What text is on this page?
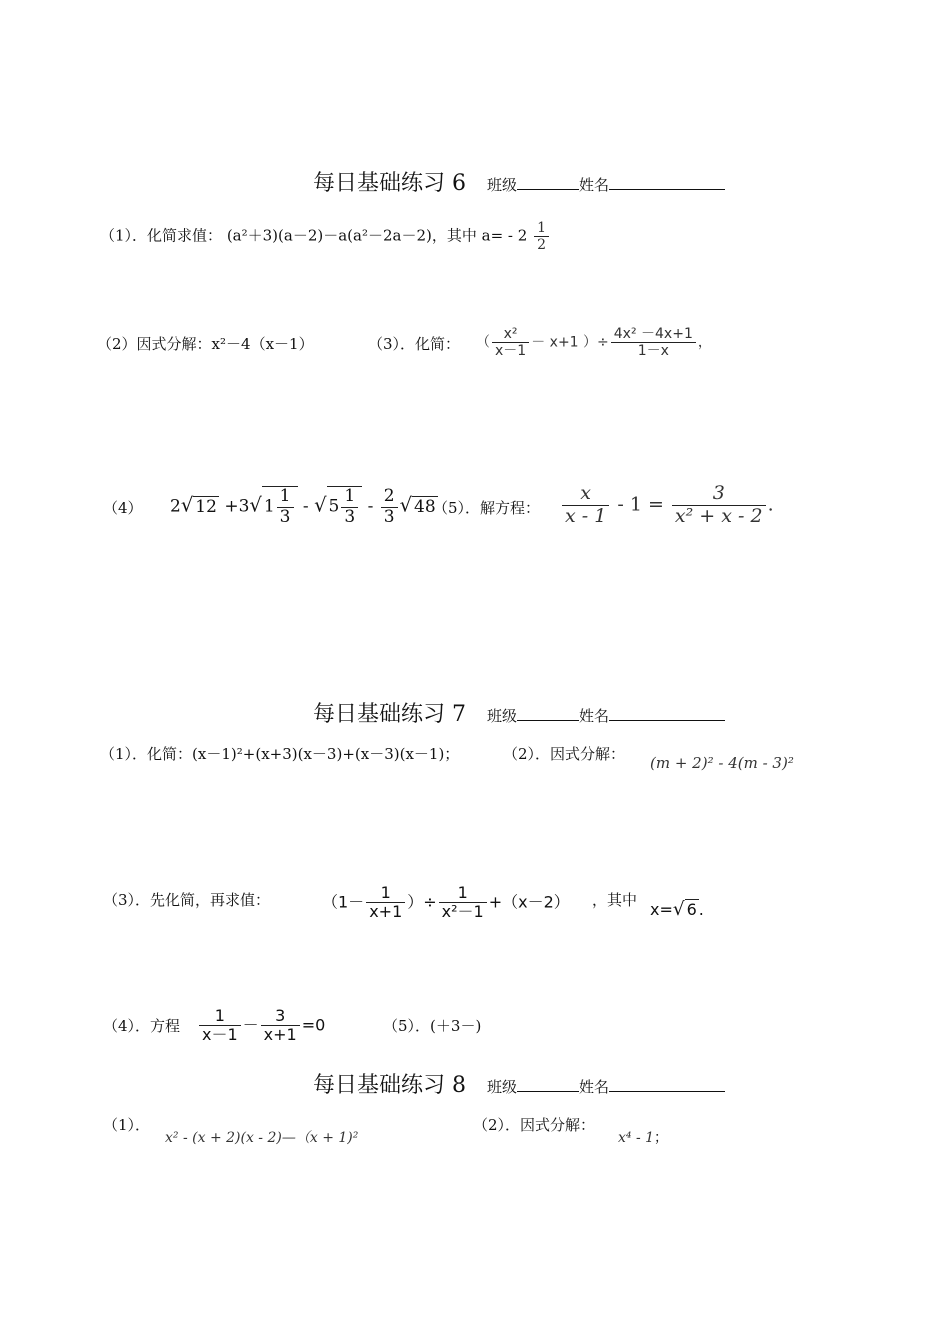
每日基础练习 6 班级	姓名
（1）．化简求值： (a²＋3)(a－2)－a(a²－2a－2)，其中 $a= - 2 \frac{1}{2}$
（2）因式分解：x²－4（x－1）	（3）．化简： （ $\frac{\text{x²}}{x-1} - x+1$ ）÷ $\frac{\text{4x² －4x+1}}{1-x}$ ，
（4） 2√ 12 +3√ $1 \frac{1}{3}$ - √ $5 \frac{1}{3} - \frac{2}{3}$ √ 48
（5）．解方程： $\frac{x}{x - 1} - 1 = \frac{3}{\text{x² + x - 2}}$ .
每日基础练习 7 班级	姓名
（1）．化简：(x－1)²+(x+3)(x－3)+(x－3)(x－1)；	（2）．因式分解： (m + 2)² - 4(m - 3)²
（3）．先化简，再求值：	（$1- \frac{1}{x+1}$ ）÷ $\frac{1}{\text{x²－1}} +(x-2)$ ，其中 x=√ 6 .
（4）．方程 $\frac{1}{x-1} - \frac{3}{x+1} =0$	（5）．(＋3－)
每日基础练习 8 班级	姓名
（1）．
x² - (x + 2)(x - 2)—（x + 1)²
（2）．因式分解：
x⁴ - 1；
